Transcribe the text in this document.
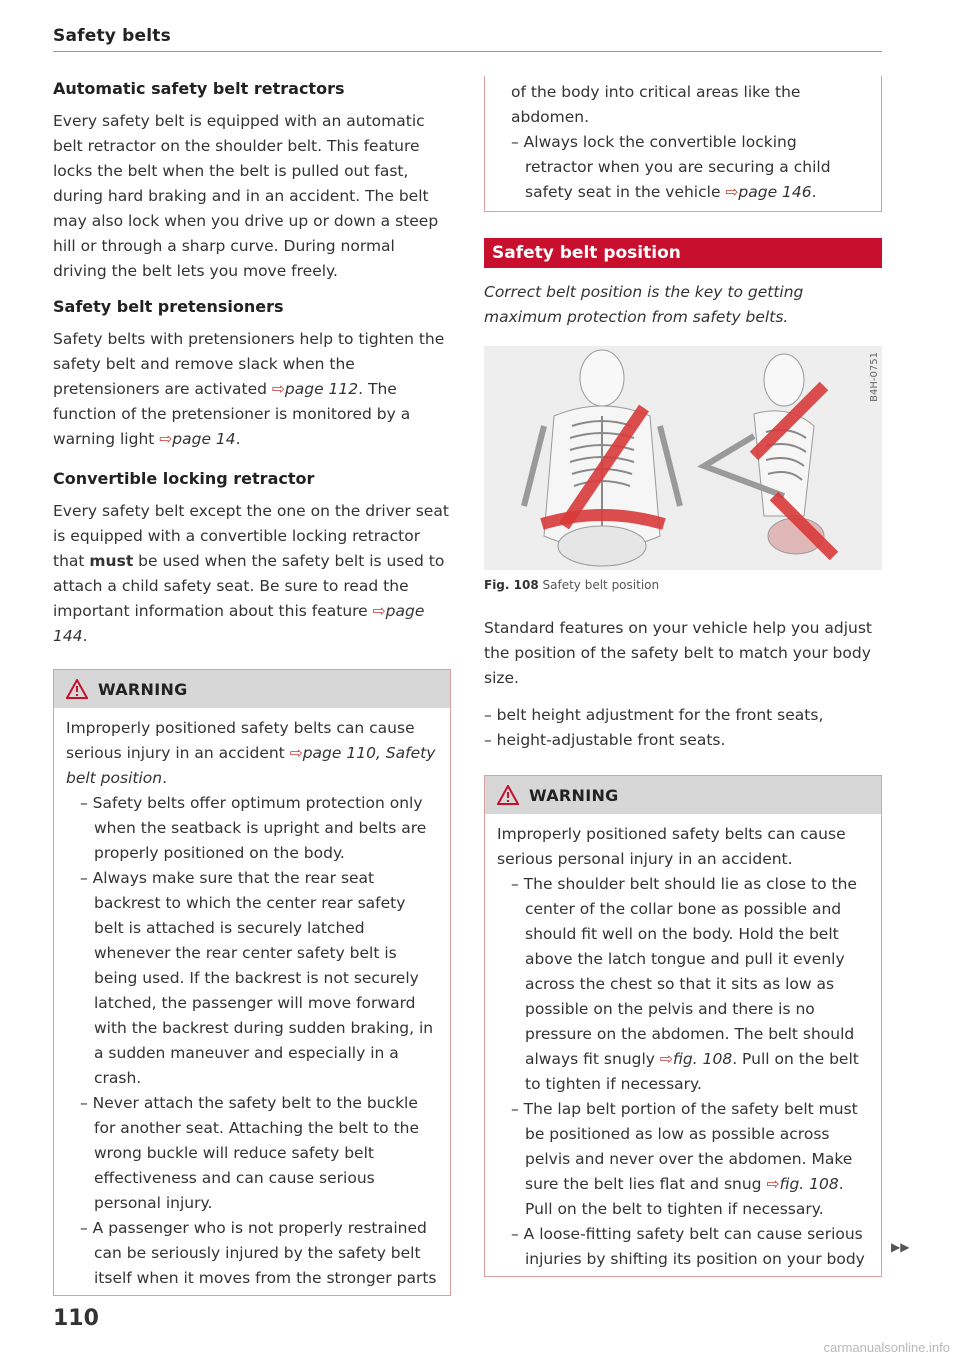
Safety belts
Automatic safety belt retractors

Every safety belt is equipped with an automatic belt retractor on the shoulder belt. This feature locks the belt when the belt is pulled out fast, during hard braking and in an accident. The belt may also lock when you drive up or down a steep hill or through a sharp curve. During normal driving the belt lets you move freely.

Safety belt pretensioners

Safety belts with pretensioners help to tighten the safety belt and remove slack when the pretensioners are activated ⇨page 112. The function of the pretensioner is monitored by a warning light ⇨page 14.

Convertible locking retractor

Every safety belt except the one on the driver seat is equipped with a convertible locking retractor that must be used when the safety belt is used to attach a child safety seat. Be sure to read the important information about this feature ⇨page 144.

WARNING

Improperly positioned safety belts can cause serious injury in an accident ⇨page 110, Safety belt position.

– Safety belts offer optimum protection only when the seatback is upright and belts are properly positioned on the body.
– Always make sure that the rear seat backrest to which the center rear safety belt is attached is securely latched whenever the rear center safety belt is being used. If the backrest is not securely latched, the passenger will move forward with the backrest during sudden braking, in a sudden maneuver and especially in a crash.
– Never attach the safety belt to the buckle for another seat. Attaching the belt to the wrong buckle will reduce safety belt effectiveness and can cause serious personal injury.
– A passenger who is not properly restrained can be seriously injured by the safety belt itself when it moves from the stronger parts

of the body into critical areas like the abdomen.

– Always lock the convertible locking retractor when you are securing a child safety seat in the vehicle ⇨page 146.
Safety belt position

Correct belt position is the key to getting maximum protection from safety belts.

B4H-0751
Fig. 108 Safety belt position

Standard features on your vehicle help you adjust the position of the safety belt to match your body size.

– belt height adjustment for the front seats,
– height-adjustable front seats.
WARNING

Improperly positioned safety belts can cause serious personal injury in an accident.

– The shoulder belt should lie as close to the center of the collar bone as possible and should fit well on the body. Hold the belt above the latch tongue and pull it evenly across the chest so that it sits as low as possible on the pelvis and there is no pressure on the abdomen. The belt should always fit snugly ⇨fig. 108. Pull on the belt to tighten if necessary.
– The lap belt portion of the safety belt must be positioned as low as possible across pelvis and never over the abdomen. Make sure the belt lies flat and snug ⇨fig. 108. Pull on the belt to tighten if necessary.
– A loose-fitting safety belt can cause serious injuries by shifting its position on your body
▶▶
110
carmanualsonline.info
